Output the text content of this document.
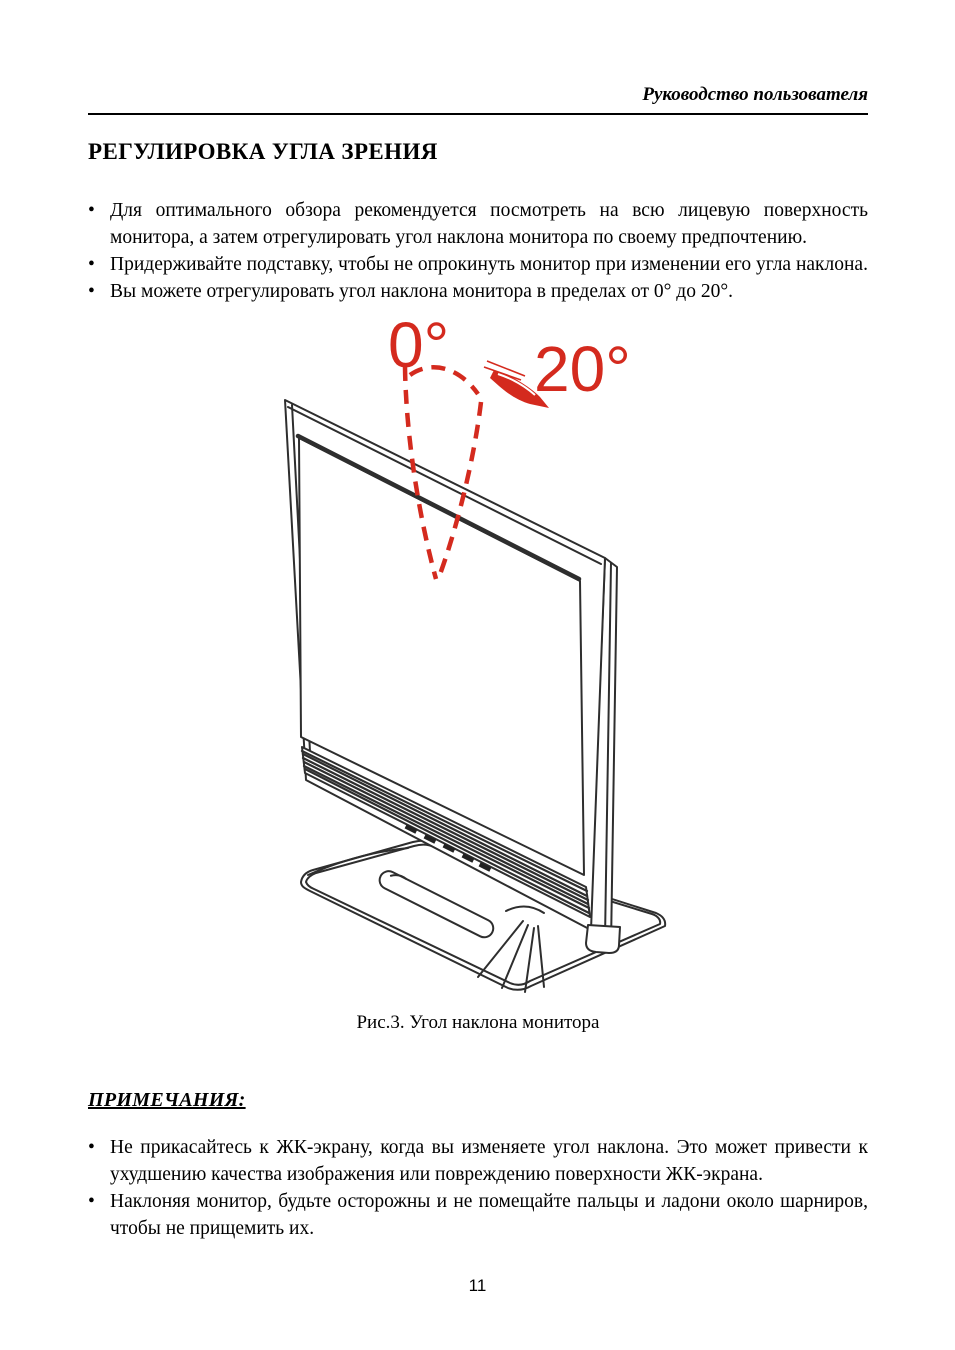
Руководство пользователя
РЕГУЛИРОВКА УГЛА ЗРЕНИЯ
• Для оптимального обзора рекомендуется посмотреть на всю лицевую поверхность монитора, а затем отрегулировать угол наклона монитора по своему предпочтению.
• Придерживайте подставку, чтобы не опрокинуть монитор при изменении его угла наклона.
• Вы можете отрегулировать угол наклона монитора в пределах от 0° до 20°.
0° 20°
Рис.3. Угол наклона монитора
ПРИМЕЧАНИЯ:
• Не прикасайтесь к ЖК-экрану, когда вы изменяете угол наклона. Это может привести к ухудшению качества изображения или повреждению поверхности ЖК-экрана.
• Наклоняя монитор, будьте осторожны и не помещайте пальцы и ладони около шарниров, чтобы не прищемить их.
11
